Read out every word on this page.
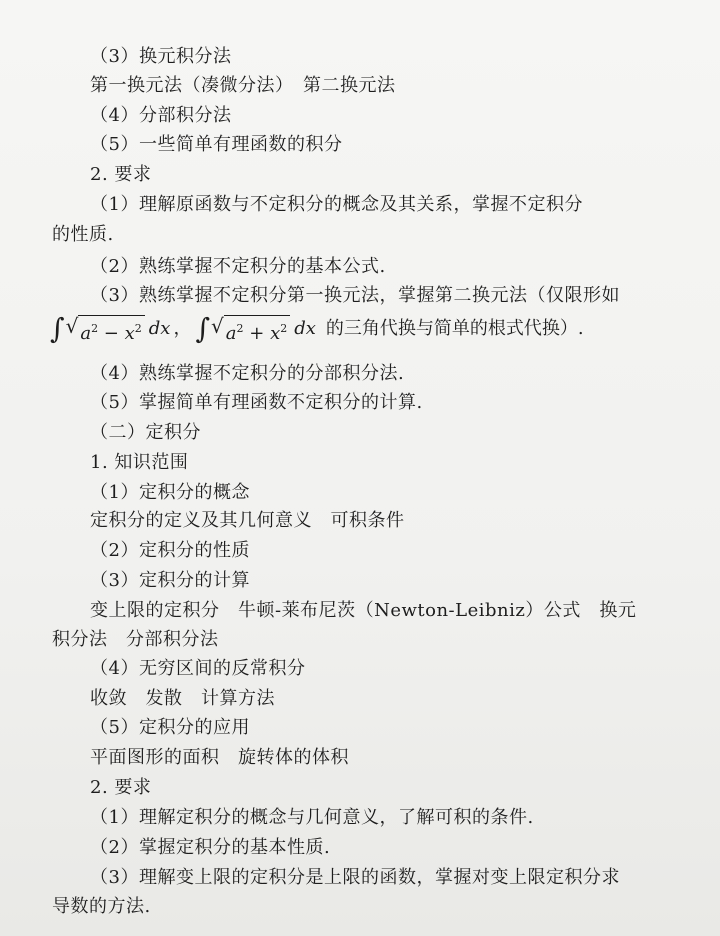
（3）换元积分法
第一换元法（凑微分法）　第二换元法
（4）分部积分法
（5）一些简单有理函数的积分
2. 要求
（1）理解原函数与不定积分的概念及其关系，掌握不定积分
的性质.
（2）熟练掌握不定积分的基本公式.
（3）熟练掌握不定积分第一换元法，掌握第二换元法（仅限形如
∫ √ $a^2 - x^2$ dx ， ∫ √ $a^2 + x^2$ dx 的三角代换与简单的根式代换）.
（4）熟练掌握不定积分的分部积分法.
（5）掌握简单有理函数不定积分的计算.
（二）定积分
1. 知识范围
（1）定积分的概念
定积分的定义及其几何意义　可积条件
（2）定积分的性质
（3）定积分的计算
变上限的定积分　牛顿-莱布尼茨（Newton-Leibniz）公式　换元
积分法　分部积分法
（4）无穷区间的反常积分
收敛　发散　计算方法
（5）定积分的应用
平面图形的面积　旋转体的体积
2. 要求
（1）理解定积分的概念与几何意义，了解可积的条件.
（2）掌握定积分的基本性质.
（3）理解变上限的定积分是上限的函数，掌握对变上限定积分求
导数的方法.
